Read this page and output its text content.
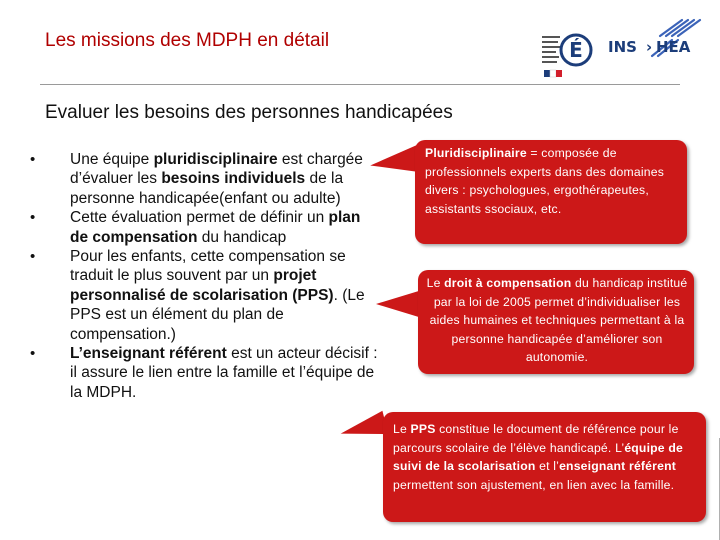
Les missions des MDPH en détail	É INS › HEA
Evaluer les besoins des personnes handicapées
• Une équipe pluridisciplinaire est chargée d’évaluer les besoins individuels de la personne handicapée(enfant ou adulte)
• Cette évaluation permet de définir un plan de compensation du handicap
• Pour les enfants, cette compensation se traduit le plus souvent par un projet personnalisé de scolarisation (PPS). (Le PPS est un élément du plan de compensation.)
• L’enseignant référent est un acteur décisif : il assure le lien entre la famille et l’équipe de la MDPH.
Pluridisciplinaire = composée de professionnels experts dans des domaines divers : psychologues, ergothérapeutes, assistants ssociaux, etc.
Le droit à compensation du handicap institué par la loi de 2005 permet d’individualiser les aides humaines et techniques permettant à la personne handicapée d’améliorer son autonomie.
Le PPS constitue le document de référence pour le parcours scolaire de l’élève handicapé. L’équipe de suivi de la scolarisation et l’enseignant référent permettent son ajustement, en lien avec la famille.
